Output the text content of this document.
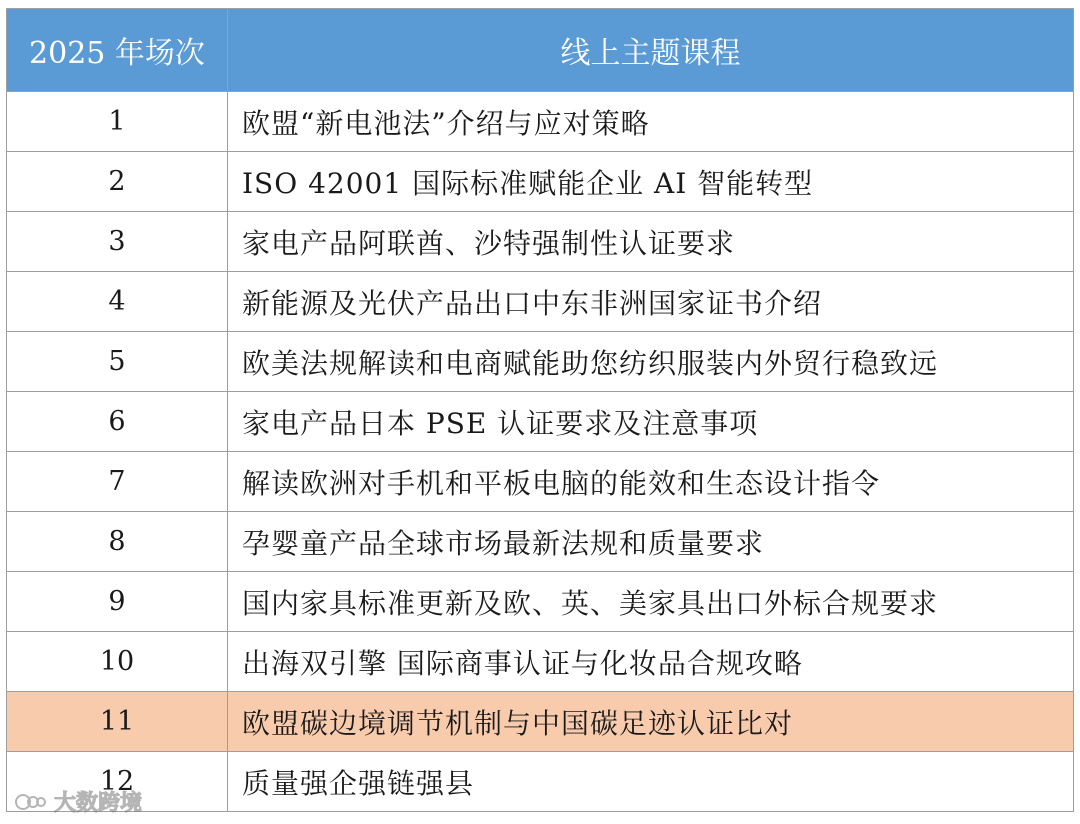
2025 年场次	线上主题课程
1	欧盟“新电池法”介绍与应对策略
2	ISO 42001 国际标准赋能企业 AI 智能转型
3	家电产品阿联酋、沙特强制性认证要求
4	新能源及光伏产品出口中东非洲国家证书介绍
5	欧美法规解读和电商赋能助您纺织服装内外贸行稳致远
6	家电产品日本 PSE 认证要求及注意事项
7	解读欧洲对手机和平板电脑的能效和生态设计指令
8	孕婴童产品全球市场最新法规和质量要求
9	国内家具标准更新及欧、英、美家具出口外标合规要求
10	出海双引擎 国际商事认证与化妆品合规攻略
11	欧盟碳边境调节机制与中国碳足迹认证比对
12	质量强企强链强县
大数跨境
